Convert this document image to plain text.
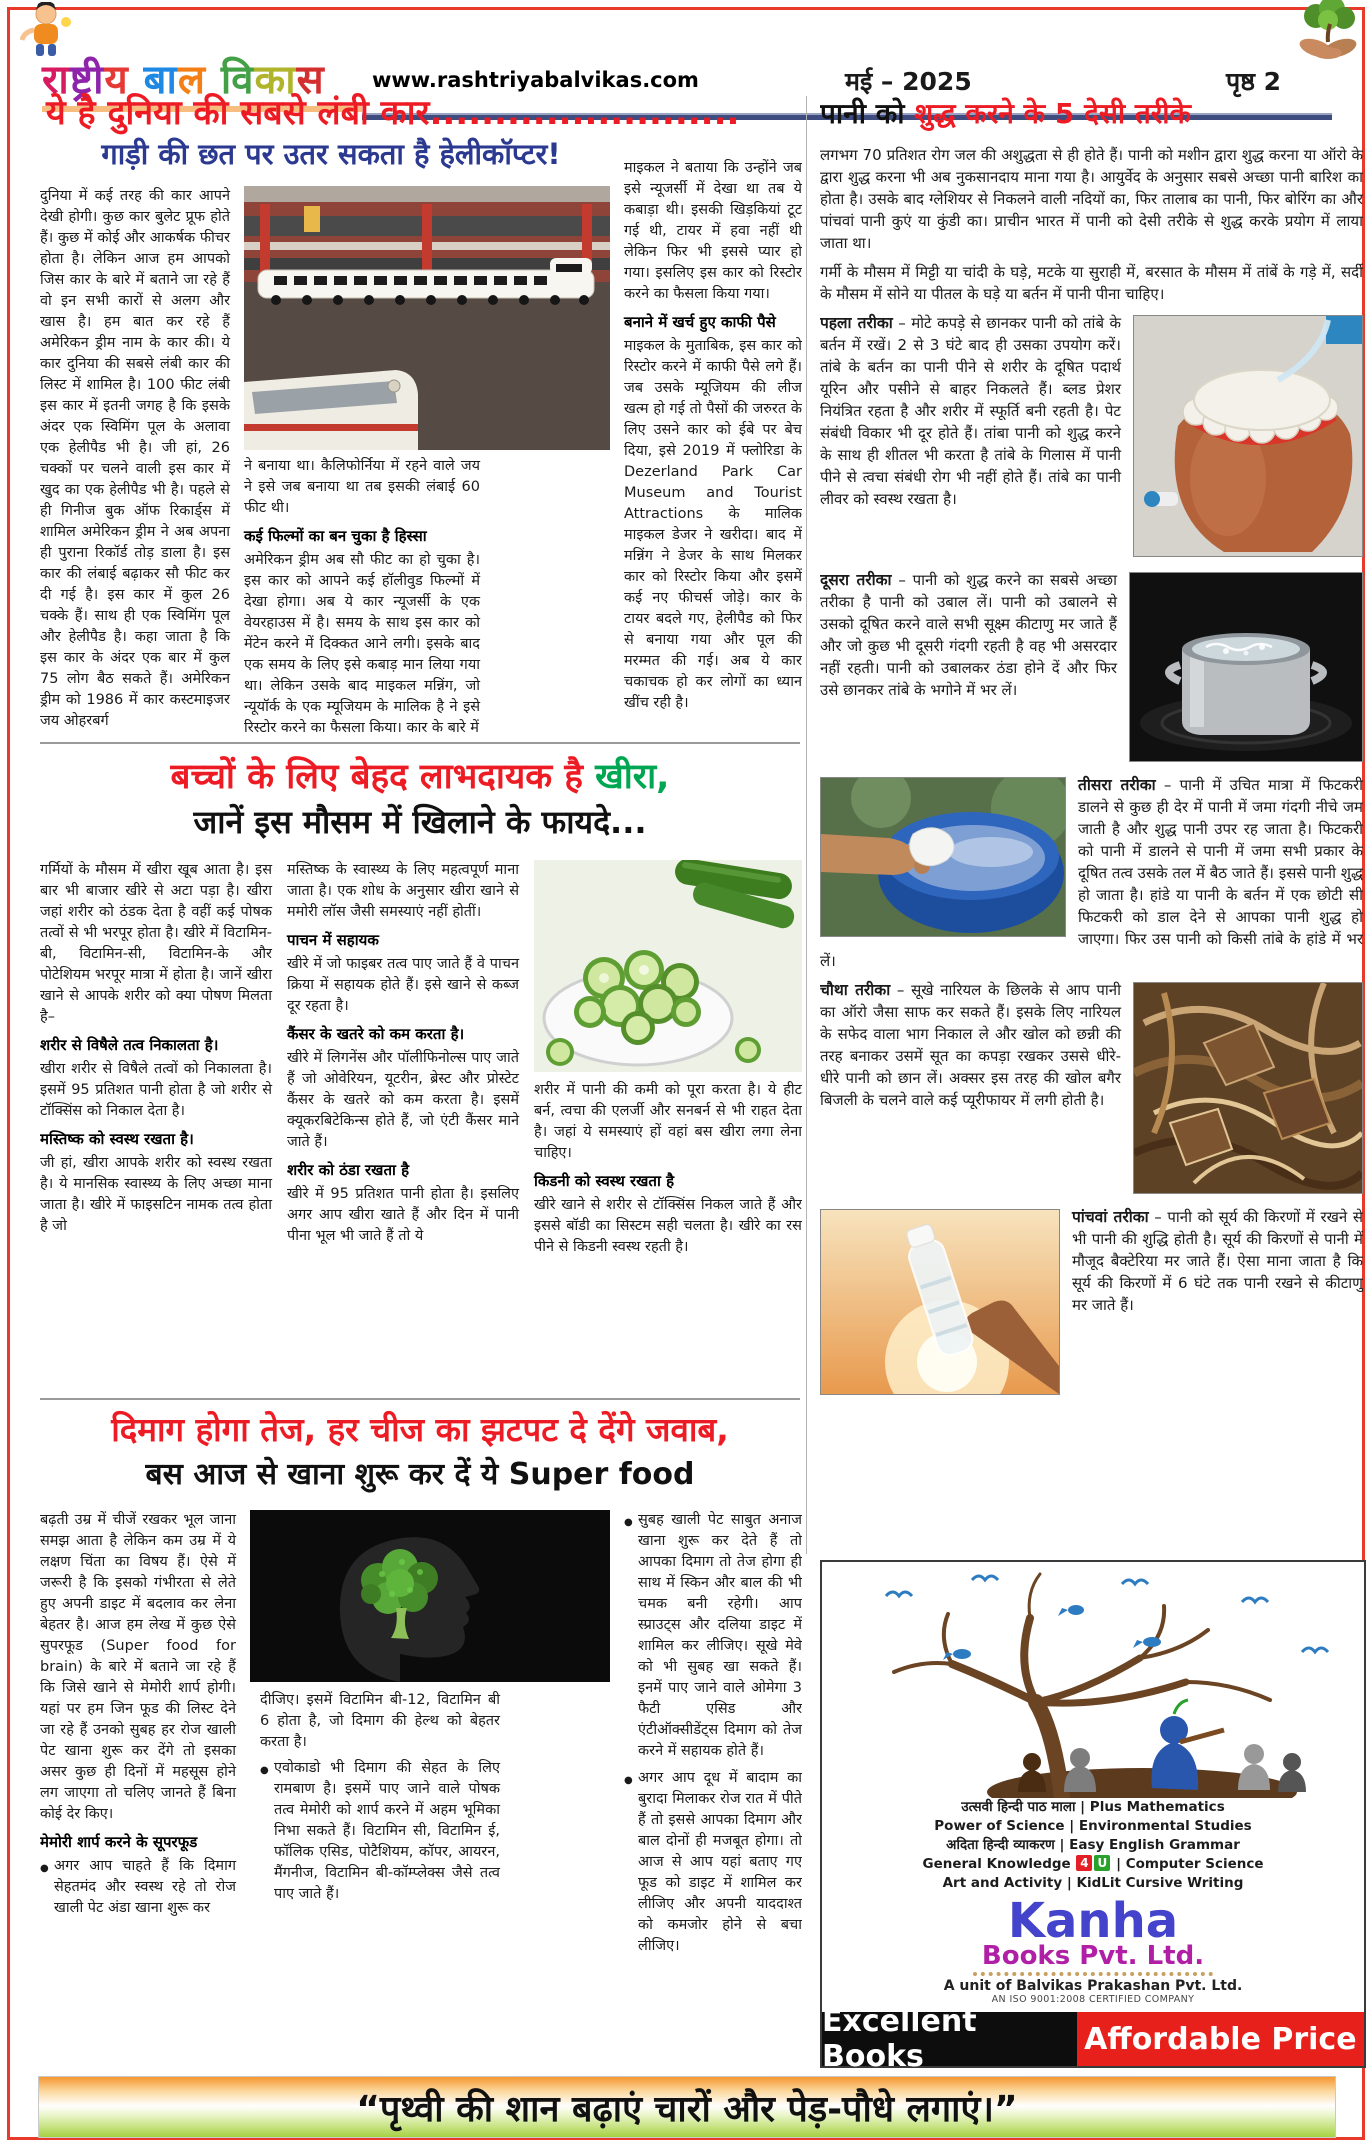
राष्ट्रीय बाल विकास www.rashtriyabalvikas.com	मई – 2025	पृष्ठ 2
ये है दुनिया की सबसे लंबी कार........................
गाड़ी की छत पर उतर सकता है हेलीकॉप्टर!
दुनिया में कई तरह की कार आपने देखी होगी। कुछ कार बुलेट प्रूफ होते हैं। कुछ में कोई और आकर्षक फीचर होता है। लेकिन आज हम आपको जिस कार के बारे में बताने जा रहे हैं वो इन सभी कारों से अलग और खास है। हम बात कर रहे हैं अमेरिकन ड्रीम नाम के कार की। ये कार दुनिया की सबसे लंबी कार की लिस्ट में शामिल है। 100 फीट लंबी इस कार में इतनी जगह है कि इसके अंदर एक स्विमिंग पूल के अलावा एक हेलीपैड भी है। जी हां, 26 चक्कों पर चलने वाली इस कार में खुद का एक हेलीपैड भी है। पहले से ही गिनीज बुक ऑफ रिकार्ड्स में शामिल अमेरिकन ड्रीम ने अब अपना ही पुराना रिकॉर्ड तोड़ डाला है। इस कार की लंबाई बढ़ाकर सौ फीट कर दी गई है। इस कार में कुल 26 चक्के हैं। साथ ही एक स्विमिंग पूल और हेलीपैड है। कहा जाता है कि इस कार के अंदर एक बार में कुल 75 लोग बैठ सकते हैं। अमेरिकन ड्रीम को 1986 में कार कस्टमाइजर जय ओहरबर्ग
ने बनाया था। कैलिफोर्निया में रहने वाले जय ने इसे जब बनाया था तब इसकी लंबाई 60 फीट थी।
कई फिल्मों का बन चुका है हिस्सा
अमेरिकन ड्रीम अब सौ फीट का हो चुका है। इस कार को आपने कई हॉलीवुड फिल्मों में देखा होगा। अब ये कार न्यूजर्सी के एक वेयरहाउस में है। समय के साथ इस कार को मेंटेन करने में दिक्कत आने लगी। इसके बाद एक समय के लिए इसे कबाड़ मान लिया गया था। लेकिन उसके बाद माइकल मन्निंग, जो न्यूयॉर्क के एक म्यूजियम के मालिक है ने इसे रिस्टोर करने का फैसला किया। कार के बारे में
माइकल ने बताया कि उन्होंने जब इसे न्यूजर्सी में देखा था तब ये कबाड़ा थी। इसकी खिड़कियां टूट गई थी, टायर में हवा नहीं थी लेकिन फिर भी इससे प्यार हो गया। इसलिए इस कार को रिस्टोर करने का फैसला किया गया।
बनाने में खर्च हुए काफी पैसे
माइकल के मुताबिक, इस कार को रिस्टोर करने में काफी पैसे लगे हैं। जब उसके म्यूजियम की लीज खत्म हो गई तो पैसों की जरुरत के लिए उसने कार को ईबे पर बेच दिया, इसे 2019 में फ्लोरिडा के Dezerland Park Car Museum and Tourist Attractions के मालिक माइकल डेजर ने खरीदा। बाद में मन्निंग ने डेजर के साथ मिलकर कार को रिस्टोर किया और इसमें कई नए फीचर्स जोड़े। कार के टायर बदले गए, हेलीपैड को फिर से बनाया गया और पूल की मरम्मत की गई। अब ये कार चकाचक हो कर लोगों का ध्यान खींच रही है।
बच्चों के लिए बेहद लाभदायक है खीरा,
जानें इस मौसम में खिलाने के फायदे...
गर्मियों के मौसम में खीरा खूब आता है। इस बार भी बाजार खीरे से अटा पड़ा है। खीरा जहां शरीर को ठंडक देता है वहीं कई पोषक तत्वों से भी भरपूर होता है। खीरे में विटामिन-बी, विटामिन-सी, विटामिन-के और पोटेशियम भरपूर मात्रा में होता है। जानें खीरा खाने से आपके शरीर को क्या पोषण मिलता है–
शरीर से विषैले तत्व निकालता है।
खीरा शरीर से विषैले तत्वों को निकालता है। इसमें 95 प्रतिशत पानी होता है जो शरीर से टॉक्सिंस को निकाल देता है।
मस्तिष्क को स्वस्थ रखता है।
जी हां, खीरा आपके शरीर को स्वस्थ रखता है। ये मानसिक स्वास्थ्य के लिए अच्छा माना जाता है। खीरे में फाइसटिन नामक तत्व होता है जो
मस्तिष्क के स्वास्थ्य के लिए महत्वपूर्ण माना जाता है। एक शोध के अनुसार खीरा खाने से ममोरी लॉस जैसी समस्याएं नहीं होतीं।
पाचन में सहायक
खीरे में जो फाइबर तत्व पाए जाते हैं वे पाचन क्रिया में सहायक होते हैं। इसे खाने से कब्ज दूर रहता है।
कैंसर के खतरे को कम करता है।
खीरे में लिगनेंस और पॉलीफिनोल्स पाए जाते हैं जो ओवेरियन, यूटरीन, ब्रेस्ट और प्रोस्टेट कैंसर के खतरे को कम करता है। इसमें क्यूकरबिटेकिन्स होते हैं, जो एंटी कैंसर माने जाते हैं।
शरीर को ठंडा रखता है
खीरे में 95 प्रतिशत पानी होता है। इसलिए अगर आप खीरा खाते हैं और दिन में पानी पीना भूल भी जाते हैं तो ये
शरीर में पानी की कमी को पूरा करता है। ये हीट बर्न, त्वचा की एलर्जी और सनबर्न से भी राहत देता है। जहां ये समस्याएं हों वहां बस खीरा लगा लेना चाहिए।
किडनी को स्वस्थ रखता है
खीरे खाने से शरीर से टॉक्सिंस निकल जाते हैं और इससे बॉडी का सिस्टम सही चलता है। खीरे का रस पीने से किडनी स्वस्थ रहती है।
दिमाग होगा तेज, हर चीज का झटपट दे देंगे जवाब,
बस आज से खाना शुरू कर दें ये Super food
बढ़ती उम्र में चीजें रखकर भूल जाना समझ आता है लेकिन कम उम्र में ये लक्षण चिंता का विषय हैं। ऐसे में जरूरी है कि इसको गंभीरता से लेते हुए अपनी डाइट में बदलाव कर लेना बेहतर है। आज हम लेख में कुछ ऐसे सुपरफूड (Super food for brain) के बारे में बताने जा रहे हैं कि जिसे खाने से मेमोरी शार्प होगी। यहां पर हम जिन फूड की लिस्ट देने जा रहे हैं उनको सुबह हर रोज खाली पेट खाना शुरू कर देंगे तो इसका असर कुछ ही दिनों में महसूस होने लग जाएगा तो चलिए जानते हैं बिना कोई देर किए।
मेमोरी शार्प करने के सूपरफूड
● अगर आप चाहते हैं कि दिमाग सेहतमंद और स्वस्थ रहे तो रोज खाली पेट अंडा खाना शुरू कर
दीजिए। इसमें विटामिन बी-12, विटामिन बी 6 होता है, जो दिमाग की हेल्थ को बेहतर करता है।
● एवोकाडो भी दिमाग की सेहत के लिए रामबाण है। इसमें पाए जाने वाले पोषक तत्व मेमोरी को शार्प करने में अहम भूमिका निभा सकते हैं। विटामिन सी, विटामिन ई, फॉलिक एसिड, पोटैशियम, कॉपर, आयरन, मैंगनीज, विटामिन बी-कॉम्प्लेक्स जैसे तत्व पाए जाते हैं।
● सुबह खाली पेट साबुत अनाज खाना शुरू कर देते हैं तो आपका दिमाग तो तेज होगा ही साथ में स्किन और बाल की भी चमक बनी रहेगी। आप स्प्राउट्स और दलिया डाइट में शामिल कर लीजिए। सूखे मेवे को भी सुबह खा सकते हैं। इनमें पाए जाने वाले ओमेगा 3 फैटी एसिड और एंटीऑक्सीडेंट्स दिमाग को तेज करने में सहायक होते हैं।
● अगर आप दूध में बादाम का बुरादा मिलाकर रोज रात में पीते हैं तो इससे आपका दिमाग और बाल दोनों ही मजबूत होगा। तो आज से आप यहां बताए गए फूड को डाइट में शामिल कर लीजिए और अपनी याददाश्त को कमजोर होने से बचा लीजिए।
पानी को शुद्ध करने के 5 देसी तरीके

लगभग 70 प्रतिशत रोग जल की अशुद्धता से ही होते हैं। पानी को मशीन द्वारा शुद्ध करना या ऑरो के द्वारा शुद्ध करना भी अब नुकसानदाय माना गया है। आयुर्वेद के अनुसार सबसे अच्छा पानी बारिश का होता है। उसके बाद ग्लेशियर से निकलने वाली नदियों का, फिर तालाब का पानी, फिर बोरिंग का और पांचवां पानी कुएं या कुंडी का। प्राचीन भारत में पानी को देसी तरीके से शुद्ध करके प्रयोग में लाया जाता था।

गर्मी के मौसम में मिट्टी या चांदी के घड़े, मटके या सुराही में, बरसात के मौसम में तांबें के गड़े में, सर्दी के मौसम में सोने या पीतल के घड़े या बर्तन में पानी पीना चाहिए।

पहला तरीका – मोटे कपड़े से छानकर पानी को तांबे के बर्तन में रखें। 2 से 3 घंटे बाद ही उसका उपयोग करें। तांबे के बर्तन का पानी पीने से शरीर के दूषित पदार्थ यूरिन और पसीने से बाहर निकलते हैं। ब्लड प्रेशर नियंत्रित रहता है और शरीर में स्फूर्ति बनी रहती है। पेट संबंधी विकार भी दूर होते हैं। तांबा पानी को शुद्ध करने के साथ ही शीतल भी करता है तांबे के गिलास में पानी पीने से त्वचा संबंधी रोग भी नहीं होते हैं। तांबे का पानी लीवर को स्वस्थ रखता है।
दूसरा तरीका – पानी को शुद्ध करने का सबसे अच्छा तरीका है पानी को उबाल लें। पानी को उबालने से उसको दूषित करने वाले सभी सूक्ष्म कीटाणु मर जाते हैं और जो कुछ भी दूसरी गंदगी रहती है वह भी असरदार नहीं रहती। पानी को उबालकर ठंडा होने दें और फिर उसे छानकर तांबे के भगोने में भर लें।
तीसरा तरीका – पानी में उचित मात्रा में फिटकरी डालने से कुछ ही देर में पानी में जमा गंदगी नीचे जम जाती है और शुद्ध पानी उपर रह जाता है। फिटकरी को पानी में डालने से पानी में जमा सभी प्रकार के दूषित तत्व उसके तल में बैठ जाते हैं। इससे पानी शुद्ध हो जाता है। हांडे या पानी के बर्तन में एक छोटी सी फिटकरी को डाल देने से आपका पानी शुद्ध हो जाएगा। फिर उस पानी को किसी तांबे के हांडे में भर लें।
चौथा तरीका – सूखे नारियल के छिलके से आप पानी का ऑरो जैसा साफ कर सकते हैं। इसके लिए नारियल के सफेद वाला भाग निकाल ले और खोल को छन्नी की तरह बनाकर उसमें सूत का कपड़ा रखकर उससे धीरे-धीरे पानी को छान लें। अक्सर इस तरह की खोल बगैर बिजली के चलने वाले कई प्यूरीफायर में लगी होती है।
पांचवां तरीका – पानी को सूर्य की किरणों में रखने से भी पानी की शुद्धि होती है। सूर्य की किरणों से पानी में मौजूद बैक्टेरिया मर जाते हैं। ऐसा माना जाता है कि सूर्य की किरणों में 6 घंटे तक पानी रखने से कीटाणु मर जाते हैं।
उत्सवी हिन्दी पाठ माला | Plus Mathematics
Power of Science | Environmental Studies
अदिता हिन्दी व्याकरण | Easy English Grammar
General Knowledge 4 U | Computer Science
Art and Activity | KidLit Cursive Writing
Kanha
Books Pvt. Ltd.
A unit of Balvikas Prakashan Pvt. Ltd.
AN ISO 9001:2008 CERTIFIED COMPANY
Excellent Books	Affordable Price
“पृथ्वी की शान बढ़ाएं चारों और पेड़-पौधे लगाएं।”
